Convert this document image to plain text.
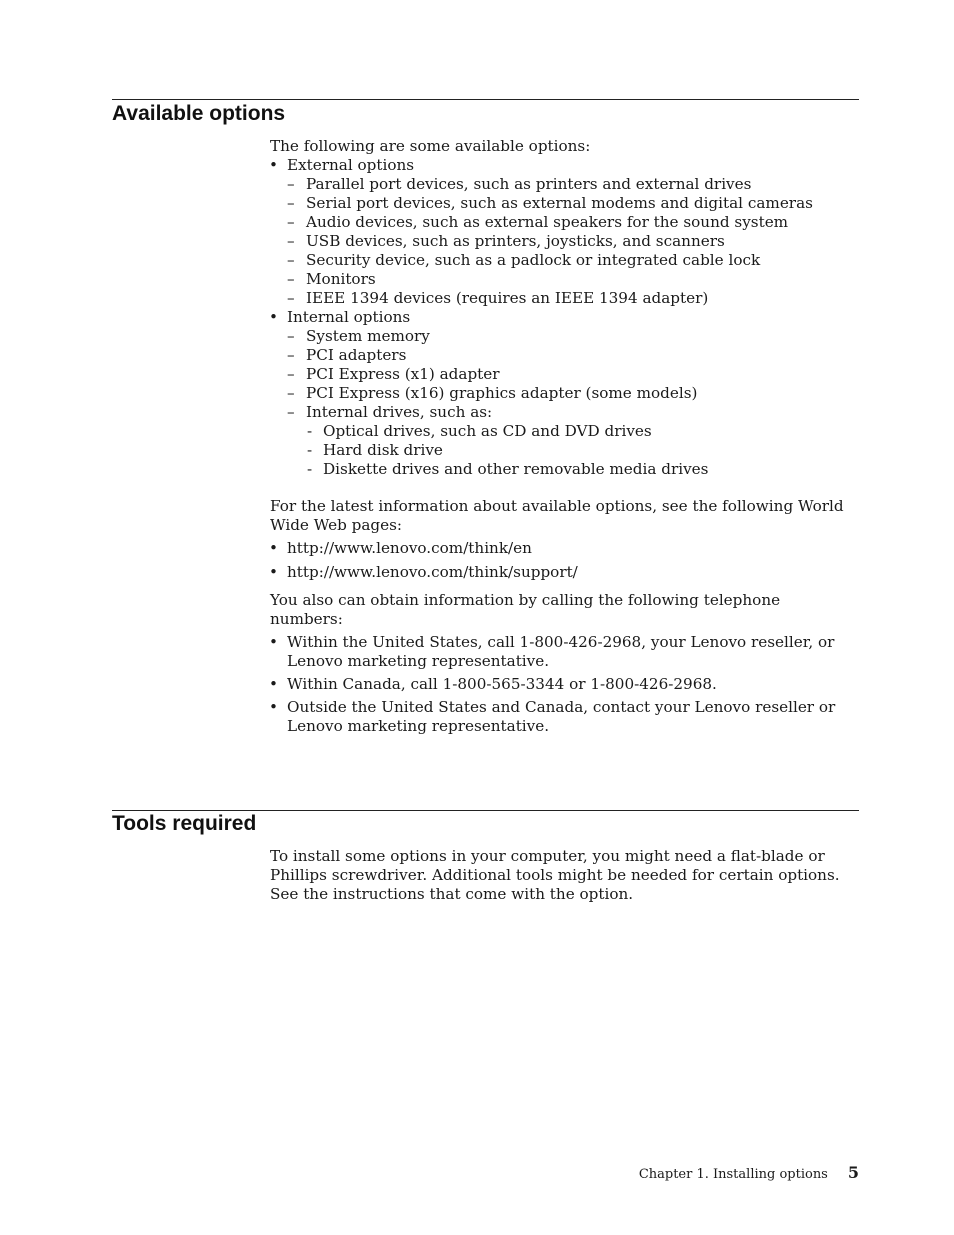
Available options
The following are some available options:
• External options
– Parallel port devices, such as printers and external drives
– Serial port devices, such as external modems and digital cameras
– Audio devices, such as external speakers for the sound system
– USB devices, such as printers, joysticks, and scanners
– Security device, such as a padlock or integrated cable lock
– Monitors
– IEEE 1394 devices (requires an IEEE 1394 adapter)
• Internal options
– System memory
– PCI adapters
– PCI Express (x1) adapter
– PCI Express (x16) graphics adapter (some models)
– Internal drives, such as:
- Optical drives, such as CD and DVD drives
- Hard disk drive
- Diskette drives and other removable media drives

For the latest information about available options, see the following World Wide Web pages:

• http://www.lenovo.com/think/en
• http://www.lenovo.com/think/support/

You also can obtain information by calling the following telephone numbers:

• Within the United States, call 1-800-426-2968, your Lenovo reseller, or Lenovo marketing representative.
• Within Canada, call 1-800-565-3344 or 1-800-426-2968.
• Outside the United States and Canada, contact your Lenovo reseller or Lenovo marketing representative.
Tools required

To install some options in your computer, you might need a flat-blade or Phillips screwdriver. Additional tools might be needed for certain options. See the instructions that come with the option.

Chapter 1. Installing options 5
